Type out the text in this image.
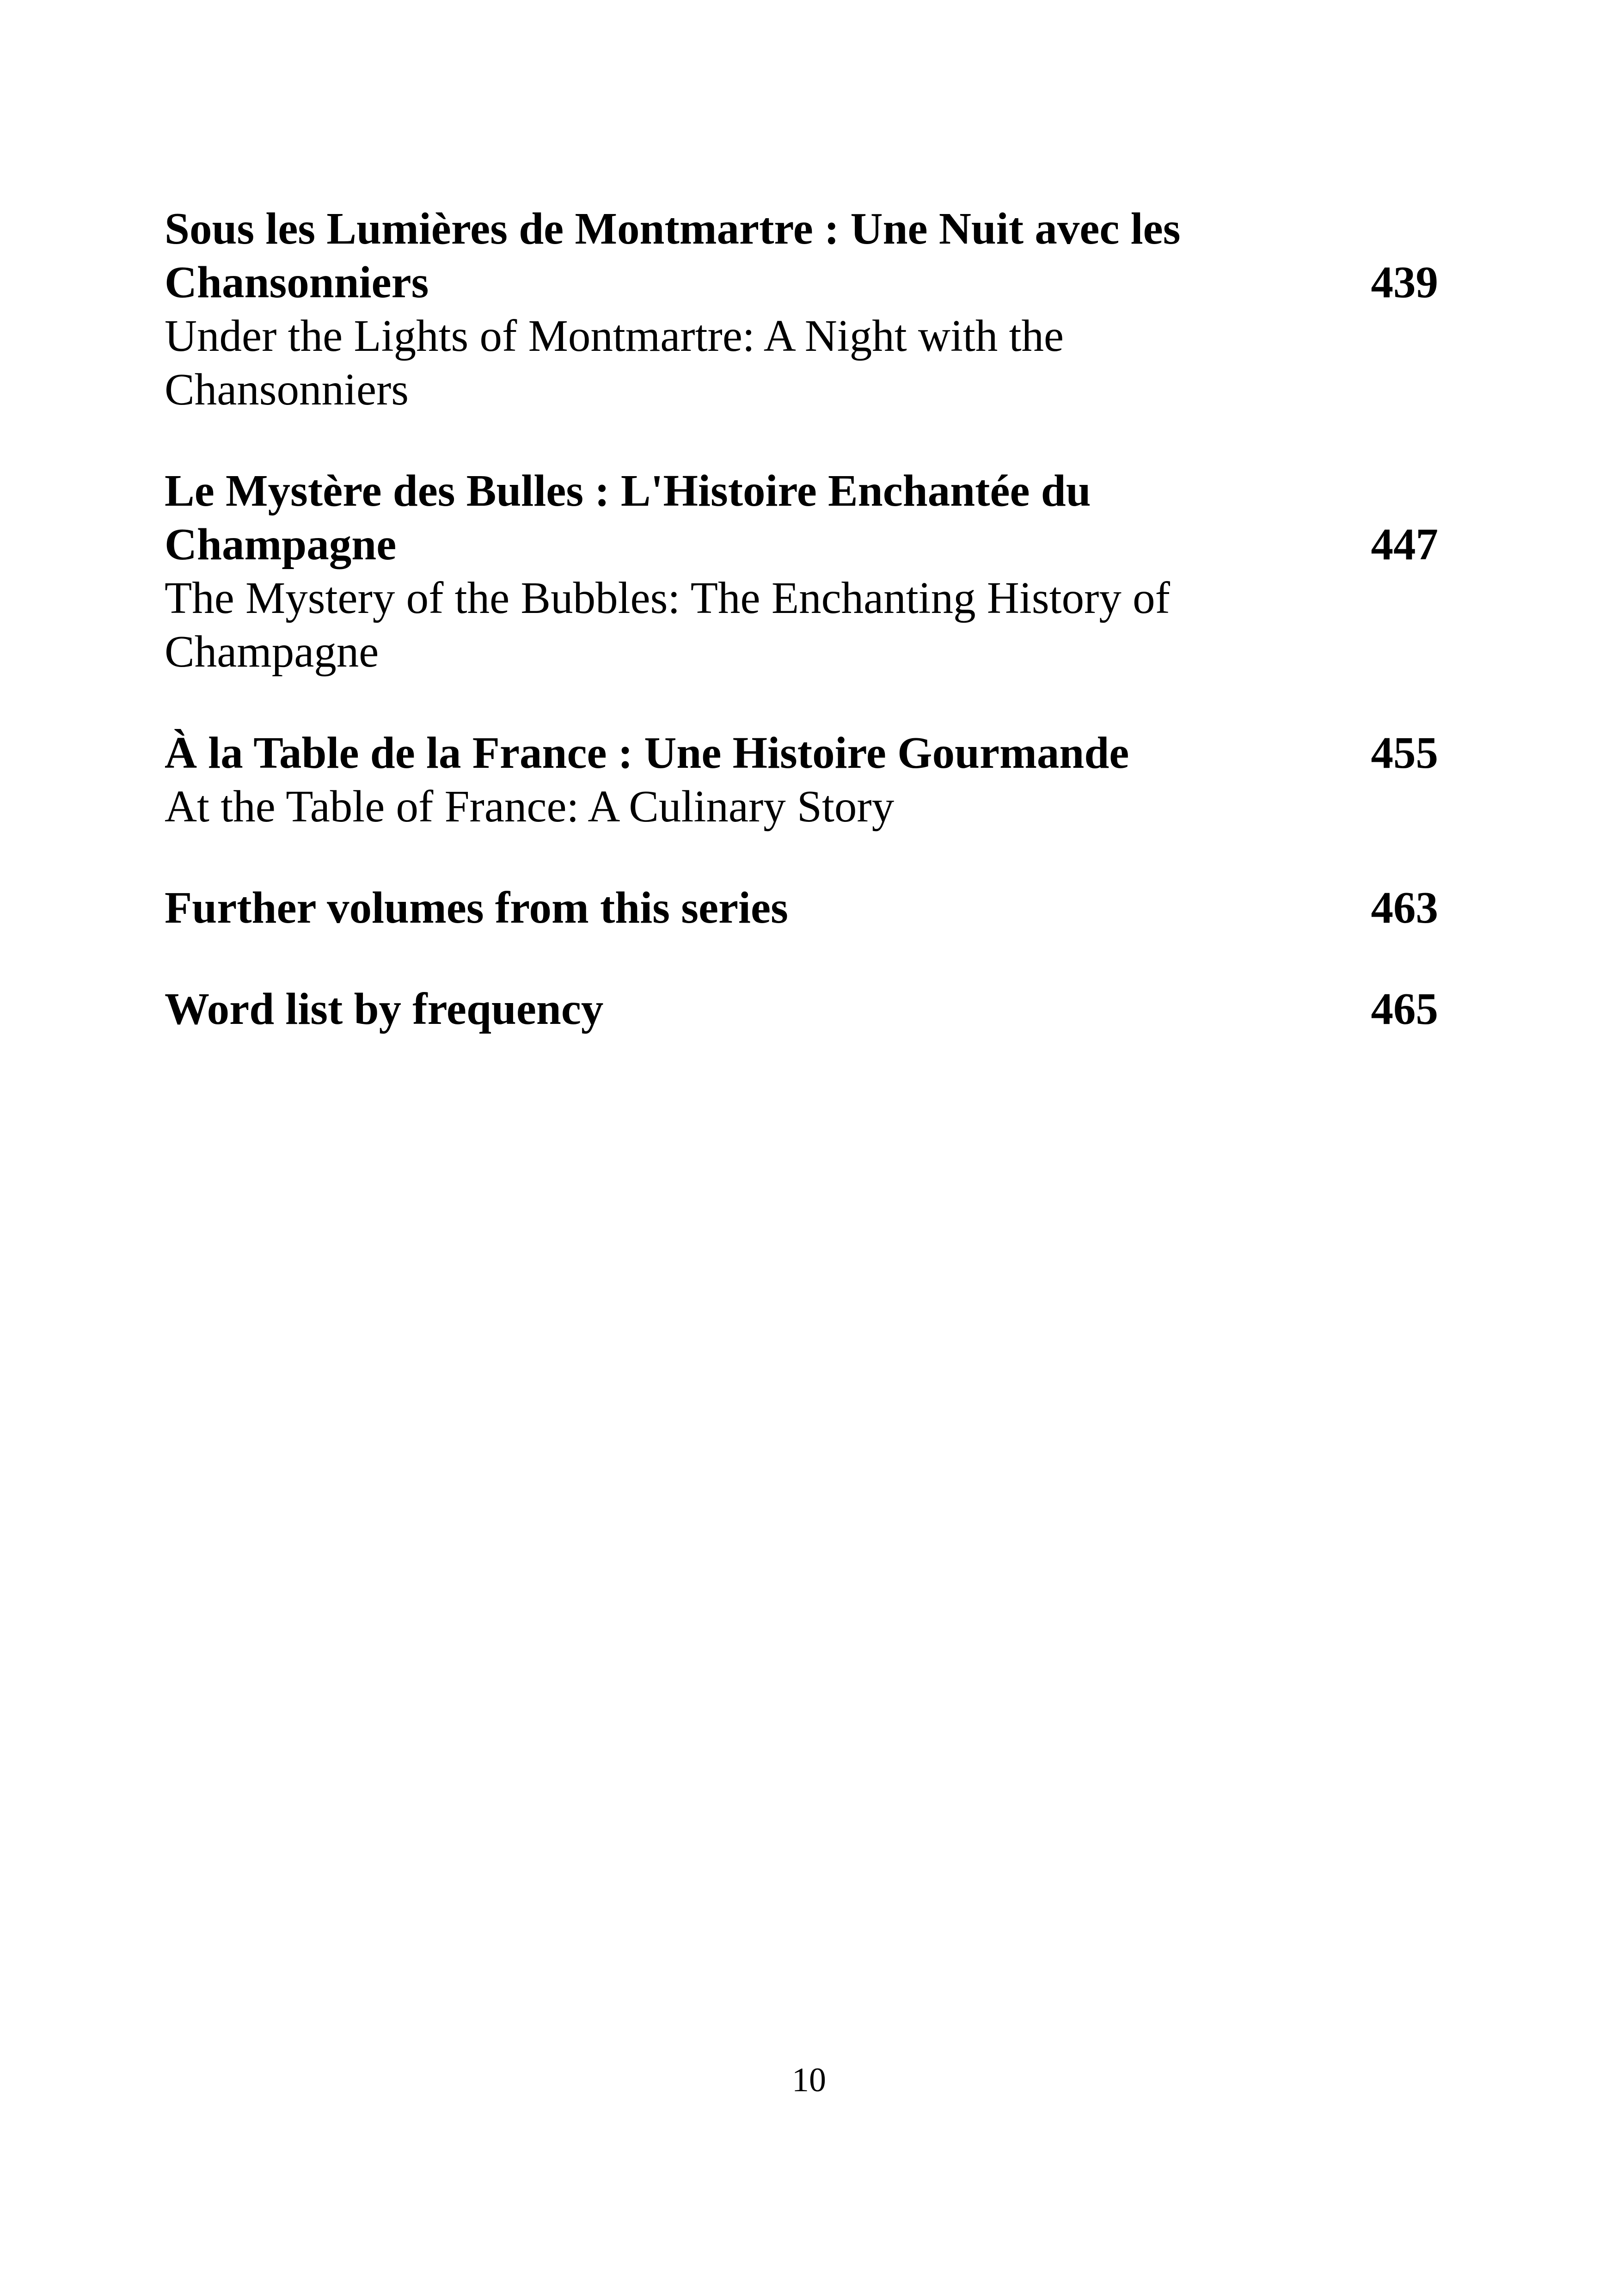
Sous les Lumières de Montmartre : Une Nuit avec les
Chansonniers	439
Under the Lights of Montmartre: A Night with the
Chansonniers
Le Mystère des Bulles : L'Histoire Enchantée du
Champagne	447
The Mystery of the Bubbles: The Enchanting History of
Champagne
À la Table de la France : Une Histoire Gourmande	455
At the Table of France: A Culinary Story
Further volumes from this series	463
Word list by frequency	465
10
